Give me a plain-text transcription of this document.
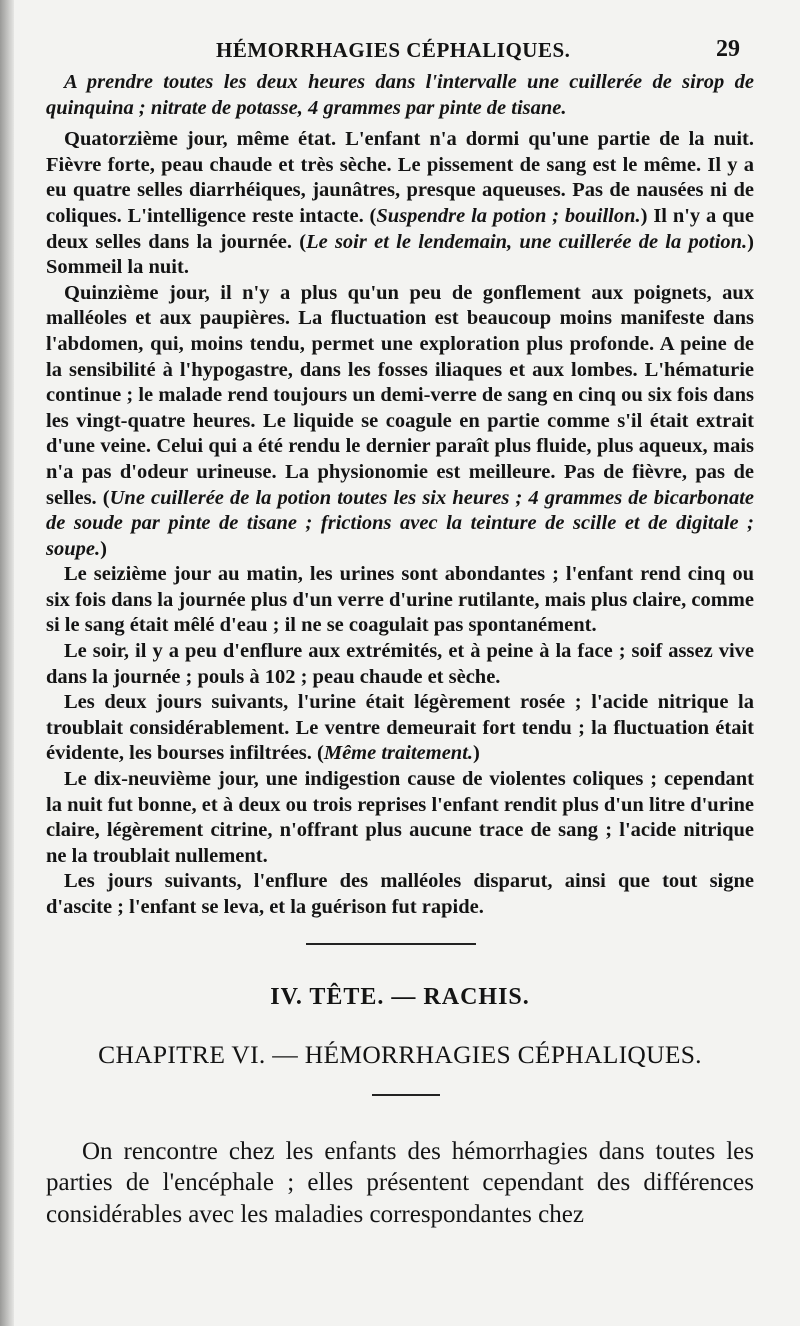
HÉMORRHAGIES CÉPHALIQUES.	29

A prendre toutes les deux heures dans l'intervalle une cuillerée de sirop de quinquina ; nitrate de potasse, 4 grammes par pinte de tisane.

Quatorzième jour, même état. L'enfant n'a dormi qu'une partie de la nuit. Fièvre forte, peau chaude et très sèche. Le pissement de sang est le même. Il y a eu quatre selles diarrhéiques, jaunâtres, presque aqueuses. Pas de nausées ni de coliques. L'intelligence reste intacte. (Suspendre la potion ; bouillon.) Il n'y a que deux selles dans la journée. (Le soir et le lendemain, une cuillerée de la potion.) Sommeil la nuit.

Quinzième jour, il n'y a plus qu'un peu de gonflement aux poignets, aux malléoles et aux paupières. La fluctuation est beaucoup moins manifeste dans l'abdomen, qui, moins tendu, permet une exploration plus profonde. A peine de la sensibilité à l'hypogastre, dans les fosses iliaques et aux lombes. L'hématurie continue ; le malade rend toujours un demi-verre de sang en cinq ou six fois dans les vingt-quatre heures. Le liquide se coagule en partie comme s'il était extrait d'une veine. Celui qui a été rendu le dernier paraît plus fluide, plus aqueux, mais n'a pas d'odeur urineuse. La physionomie est meilleure. Pas de fièvre, pas de selles. (Une cuillerée de la potion toutes les six heures ; 4 grammes de bicarbonate de soude par pinte de tisane ; frictions avec la teinture de scille et de digitale ; soupe.)

Le seizième jour au matin, les urines sont abondantes ; l'enfant rend cinq ou six fois dans la journée plus d'un verre d'urine rutilante, mais plus claire, comme si le sang était mêlé d'eau ; il ne se coagulait pas spontanément.

Le soir, il y a peu d'enflure aux extrémités, et à peine à la face ; soif assez vive dans la journée ; pouls à 102 ; peau chaude et sèche.

Les deux jours suivants, l'urine était légèrement rosée ; l'acide nitrique la troublait considérablement. Le ventre demeurait fort tendu ; la fluctuation était évidente, les bourses infiltrées. (Même traitement.)

Le dix-neuvième jour, une indigestion cause de violentes coliques ; cependant la nuit fut bonne, et à deux ou trois reprises l'enfant rendit plus d'un litre d'urine claire, légèrement citrine, n'offrant plus aucune trace de sang ; l'acide nitrique ne la troublait nullement.

Les jours suivants, l'enflure des malléoles disparut, ainsi que tout signe d'ascite ; l'enfant se leva, et la guérison fut rapide.

IV. TÊTE. — RACHIS.
CHAPITRE VI. — HÉMORRHAGIES CÉPHALIQUES.

On rencontre chez les enfants des hémorrhagies dans toutes les parties de l'encéphale ; elles présentent cependant des différences considérables avec les maladies correspondantes chez
